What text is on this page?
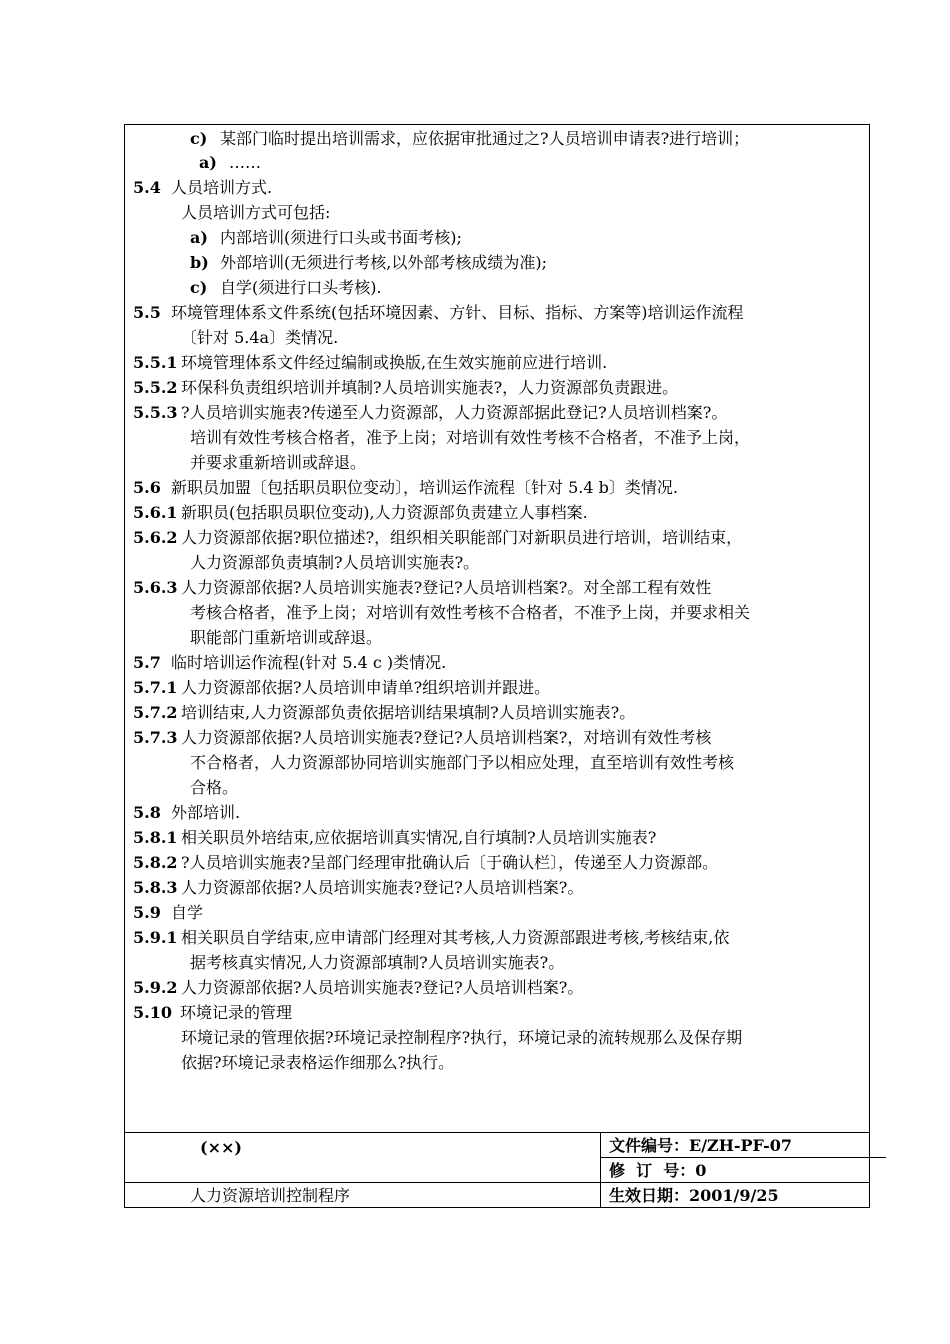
c) 某部门临时提出培训需求，应依据审批通过之?人员培训申请表?进行培训；
a) ……
5.4 人员培训方式.
人员培训方式可包括:
a) 内部培训(须进行口头或书面考核);
b) 外部培训(无须进行考核,以外部考核成绩为准);
c) 自学(须进行口头考核).
5.5 环境管理体系文件系统(包括环境因素、方针、目标、指标、方案等)培训运作流程
〔针对 5.4a〕类情况.
5.5.1 环境管理体系文件经过编制或换版,在生效实施前应进行培训.
5.5.2 环保科负责组织培训并填制?人员培训实施表?，人力资源部负责跟进。
5.5.3 ?人员培训实施表?传递至人力资源部，人力资源部据此登记?人员培训档案?。
培训有效性考核合格者，准予上岗；对培训有效性考核不合格者，不准予上岗，
并要求重新培训或辞退。
5.6 新职员加盟〔包括职员职位变动〕，培训运作流程〔针对 5.4 b〕类情况.
5.6.1 新职员(包括职员职位变动),人力资源部负责建立人事档案.
5.6.2 人力资源部依据?职位描述?，组织相关职能部门对新职员进行培训，培训结束，
人力资源部负责填制?人员培训实施表?。
5.6.3 人力资源部依据?人员培训实施表?登记?人员培训档案?。对全部工程有效性
考核合格者，准予上岗；对培训有效性考核不合格者，不准予上岗，并要求相关
职能部门重新培训或辞退。
5.7 临时培训运作流程(针对 5.4 c )类情况.
5.7.1 人力资源部依据?人员培训申请单?组织培训并跟进。
5.7.2 培训结束,人力资源部负责依据培训结果填制?人员培训实施表?。
5.7.3 人力资源部依据?人员培训实施表?登记?人员培训档案?，对培训有效性考核
不合格者，人力资源部协同培训实施部门予以相应处理，直至培训有效性考核
合格。
5.8 外部培训.
5.8.1 相关职员外培结束,应依据培训真实情况,自行填制?人员培训实施表?
5.8.2 ?人员培训实施表?呈部门经理审批确认后〔于确认栏〕，传递至人力资源部。
5.8.3 人力资源部依据?人员培训实施表?登记?人员培训档案?。
5.9 自学
5.9.1 相关职员自学结束,应申请部门经理对其考核,人力资源部跟进考核,考核结束,依
据考核真实情况,人力资源部填制?人员培训实施表?。
5.9.2 人力资源部依据?人员培训实施表?登记?人员培训档案?。
5.10 环境记录的管理
环境记录的管理依据?环境记录控制程序?执行，环境记录的流转规那么及保存期
依据?环境记录表格运作细那么?执行。
(××)	文件编号：E/ZH-PF-07
修  订  号：0
人力资源培训控制程序	生效日期：2001/9/25
